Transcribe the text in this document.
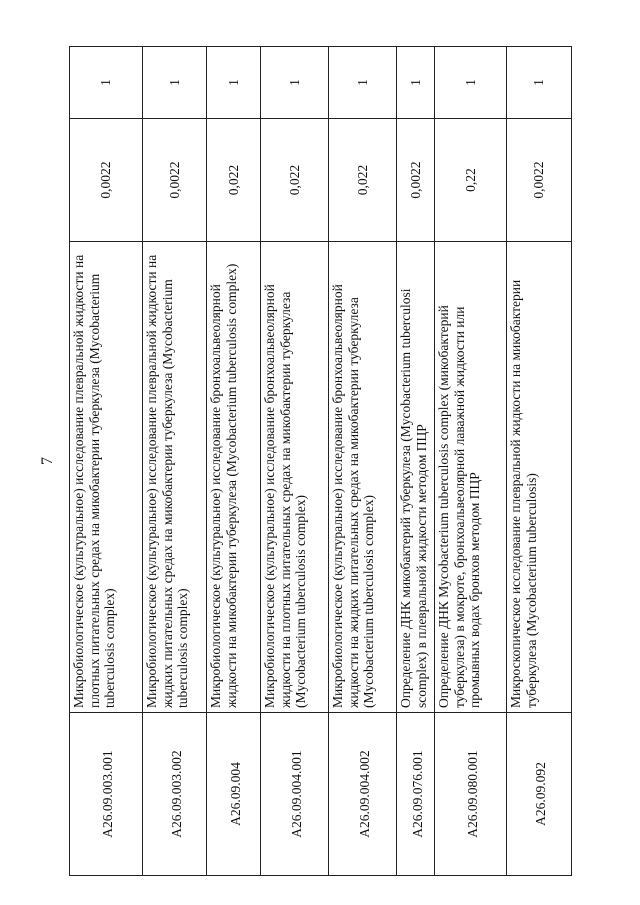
7
A26.09.003.001	Микробиологическое (культуральное) исследование плевральной жидкости на плотных питательных средах на микобактерии туберкулеза (Mycobacterium tuberculosis complex)	0,0022	1
A26.09.003.002	Микробиологическое (культуральное) исследование плевральной жидкости на жидких питательных средах на микобактерии туберкулеза (Mycobacterium tuberculosis complex)	0,0022	1
A26.09.004	Микробиологическое (культуральное) исследование бронхоальвеолярной жидкости на микобактерии туберкулеза (Mycobacterium tuberculosis complex)	0,022	1
A26.09.004.001	Микробиологическое (культуральное) исследование бронхоальвеолярной жидкости на плотных питательных средах на микобактерии туберкулеза (Mycobacterium tuberculosis complex)	0,022	1
A26.09.004.002	Микробиологическое (культуральное) исследование бронхоальвеолярной жидкости на жидких питательных средах на микобактерии туберкулеза (Mycobacterium tuberculosis complex)	0,022	1
A26.09.076.001	Определение ДНК микобактерий туберкулеза (Mycobacterium tuberculosi scomplex) в плевральной жидкости методом ПЦР	0,0022	1
A26.09.080.001	Определение ДНК Mycobacterium tuberculosis complex (микобактерий туберкулеза) в мокроте, бронхоальвеолярной лаважной жидкости или промывных водах бронхов методом ПЦР	0,22	1
A26.09.092	Микроскопическое исследование плевральной жидкости на микобактерии туберкулеза (Mycobacterium tuberculosis)	0,0022	1
